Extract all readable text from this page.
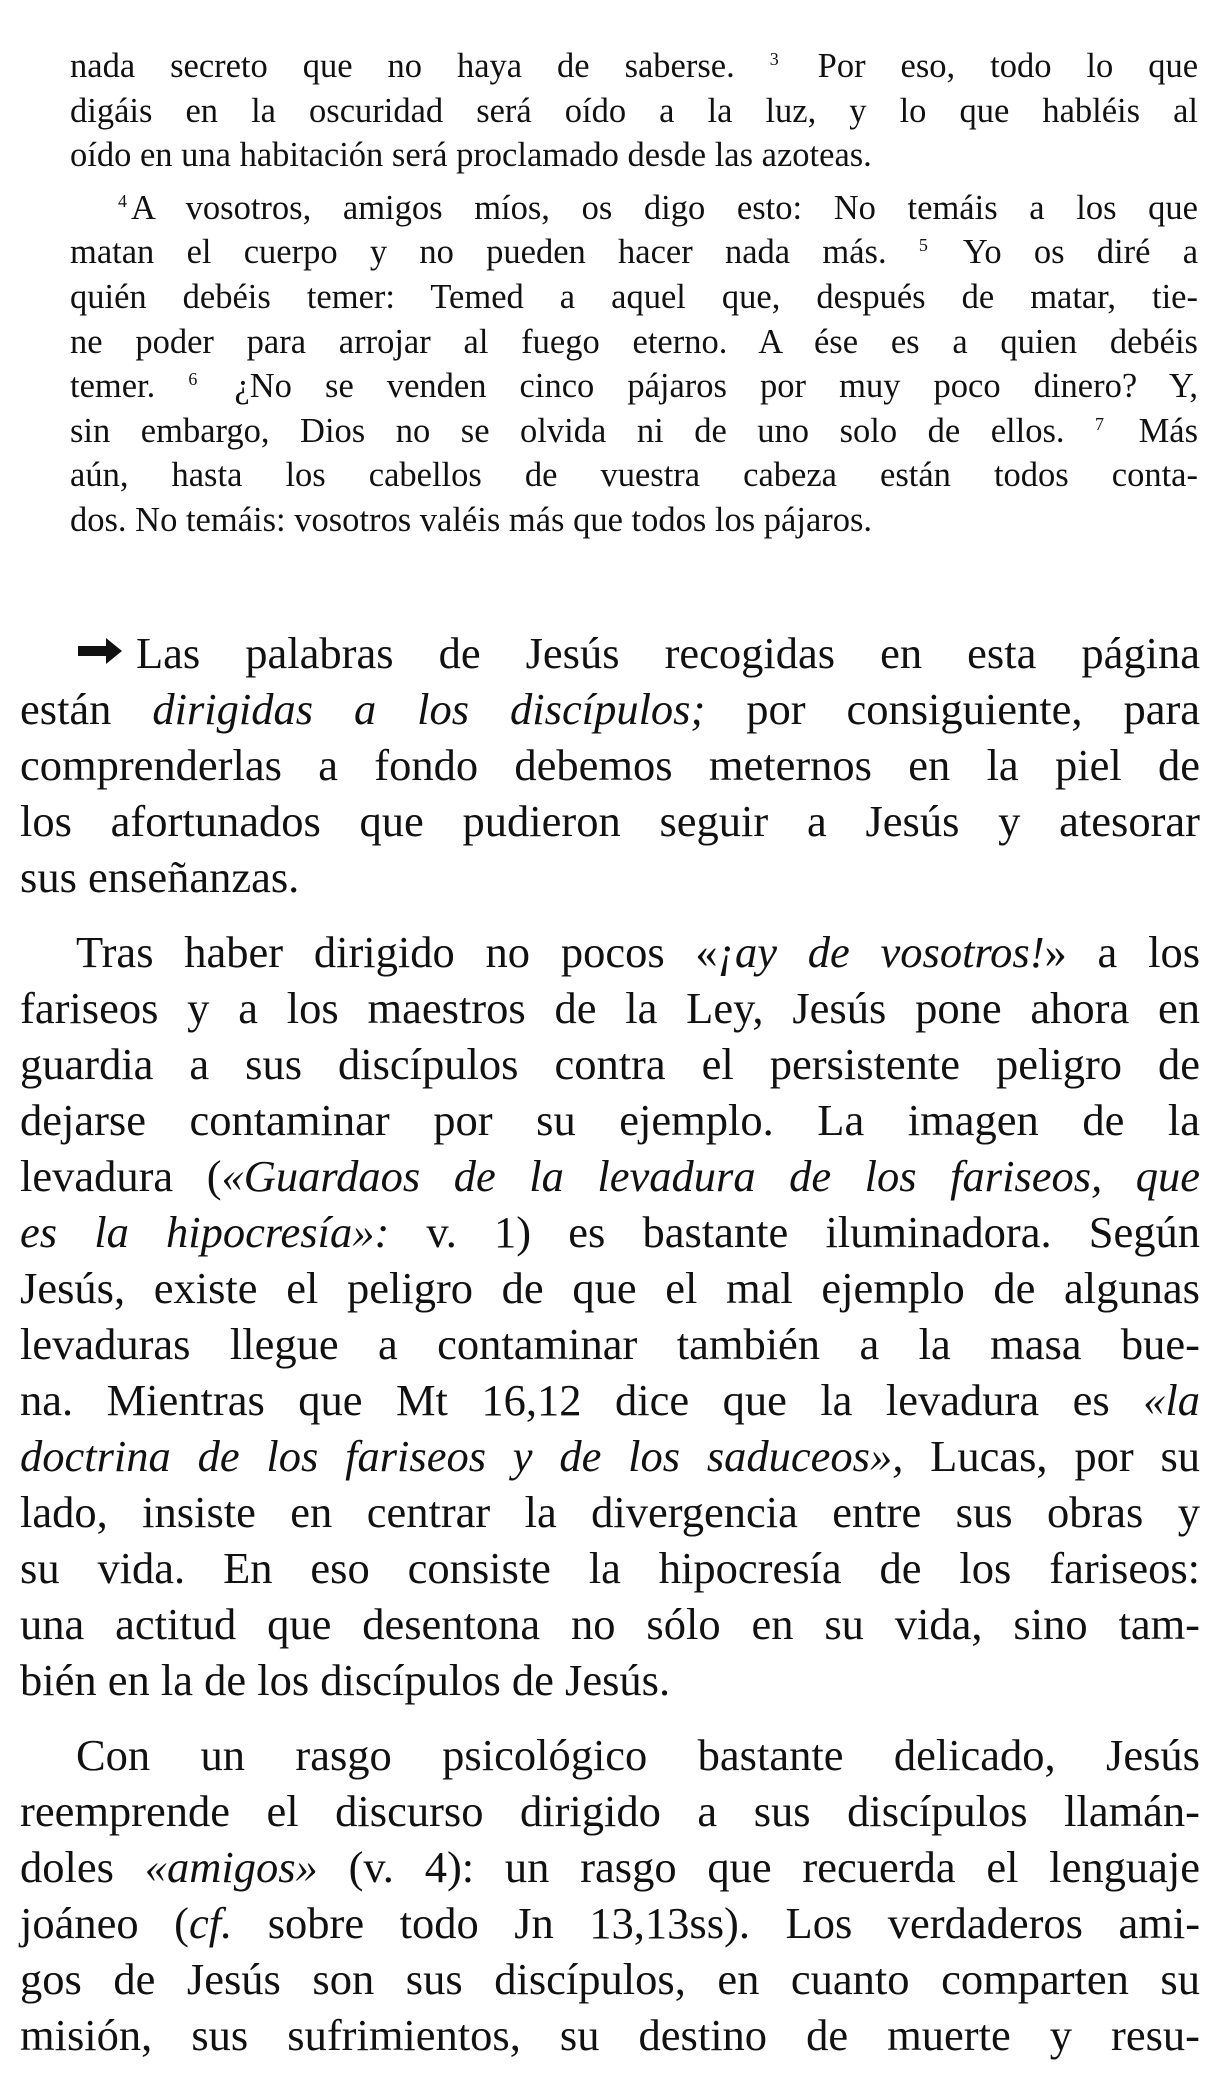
nada secreto que no haya de saberse. $^3$ Por eso, todo lo que
digáis en la oscuridad será oído a la luz, y lo que habléis al
oído en una habitación será proclamado desde las azoteas.
$^4$ A vosotros, amigos míos, os digo esto: No temáis a los que
matan el cuerpo y no pueden hacer nada más. $^5$ Yo os diré a
quién debéis temer: Temed a aquel que, después de matar, tie-
ne poder para arrojar al fuego eterno. A ése es a quien debéis
temer. $^6$ ¿No se venden cinco pájaros por muy poco dinero? Y,
sin embargo, Dios no se olvida ni de uno solo de ellos. $^7$ Más
aún, hasta los cabellos de vuestra cabeza están todos conta-
dos. No temáis: vosotros valéis más que todos los pájaros.
Las palabras de Jesús recogidas en esta página
están dirigidas a los discípulos; por consiguiente, para
comprenderlas a fondo debemos meternos en la piel de
los afortunados que pudieron seguir a Jesús y atesorar
sus enseñanzas.
Tras haber dirigido no pocos «¡ay de vosotros!» a los
fariseos y a los maestros de la Ley, Jesús pone ahora en
guardia a sus discípulos contra el persistente peligro de
dejarse contaminar por su ejemplo. La imagen de la
levadura («Guardaos de la levadura de los fariseos, que
es la hipocresía»: v. 1) es bastante iluminadora. Según
Jesús, existe el peligro de que el mal ejemplo de algunas
levaduras llegue a contaminar también a la masa bue-
na. Mientras que Mt 16,12 dice que la levadura es «la
doctrina de los fariseos y de los saduceos», Lucas, por su
lado, insiste en centrar la divergencia entre sus obras y
su vida. En eso consiste la hipocresía de los fariseos:
una actitud que desentona no sólo en su vida, sino tam-
bién en la de los discípulos de Jesús.
Con un rasgo psicológico bastante delicado, Jesús
reemprende el discurso dirigido a sus discípulos llamán-
doles «amigos» (v. 4): un rasgo que recuerda el lenguaje
joáneo (cf. sobre todo Jn 13,13ss). Los verdaderos ami-
gos de Jesús son sus discípulos, en cuanto comparten su
misión, sus sufrimientos, su destino de muerte y resu-
